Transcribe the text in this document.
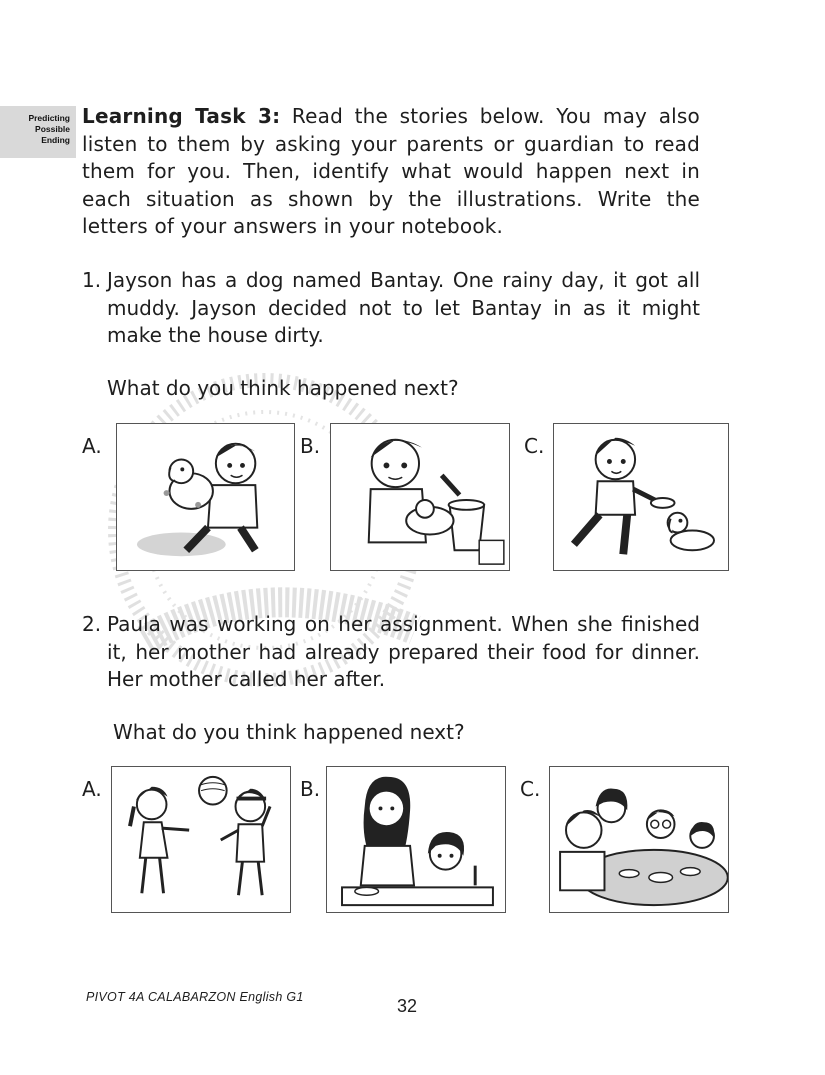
Predicting
Possible
Ending
Learning Task 3: Read the stories below. You may also listen to them by asking your parents or guardian to read them for you. Then, identify what would happen next in each situation as shown by the illustrations. Write the letters of your answers in your notebook.
1. Jayson has a dog named Bantay. One rainy day, it got all muddy. Jayson decided not to let Bantay in as it might make the house dirty.
What do you think happened next?
A.	B.	C.
2. Paula was working on her assignment. When she finished it, her mother had already prepared their food for dinner. Her mother called her after.
What do you think happened next?
A.	B.	C.
PIVOT 4A CALABARZON English G1	32
